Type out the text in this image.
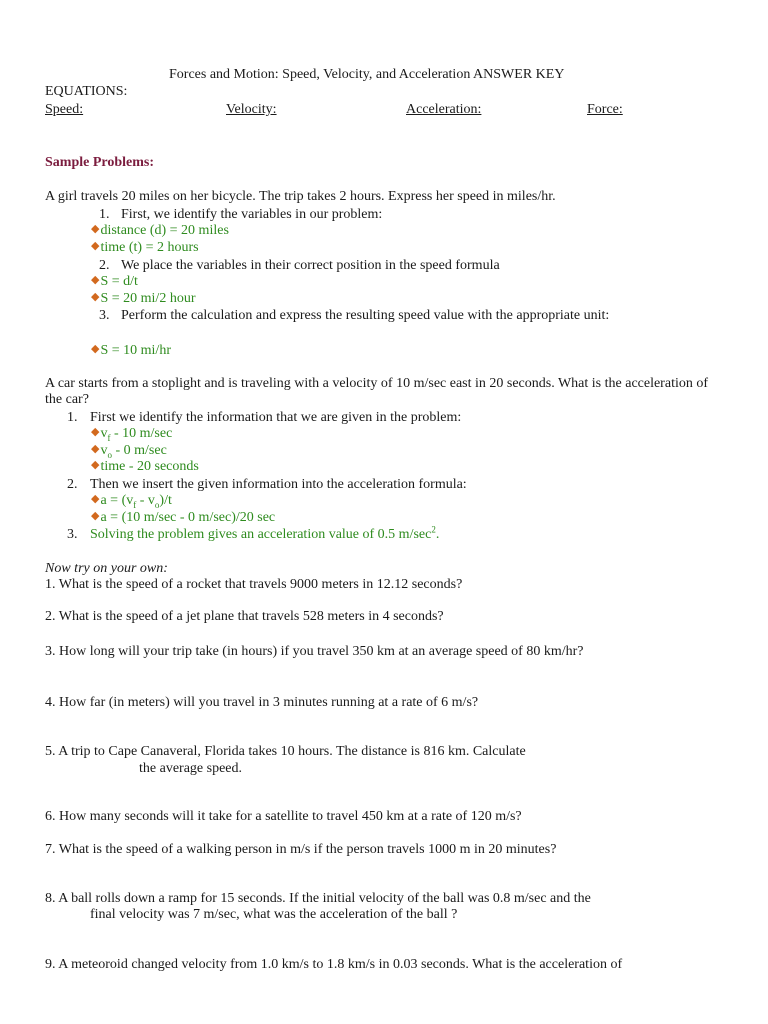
Forces and Motion: Speed, Velocity, and Acceleration ANSWER KEY
EQUATIONS:
Speed:	Velocity:	Acceleration:	Force:
Sample Problems:
A girl travels 20 miles on her bicycle. The trip takes 2 hours. Express her speed in miles/hr.
1. First, we identify the variables in our problem:
◆distance (d) = 20 miles
◆time (t) = 2 hours
2. We place the variables in their correct position in the speed formula
◆S = d/t
◆S = 20 mi/2 hour
3. Perform the calculation and express the resulting speed value with the appropriate unit:
◆S = 10 mi/hr
A car starts from a stoplight and is traveling with a velocity of 10 m/sec east in 20 seconds. What is the acceleration of
the car?
1. First we identify the information that we are given in the problem:
$◆v_f - 10$ m/sec
$◆v_o - 0$ m/sec
◆time - 20 seconds
2. Then we insert the given information into the acceleration formula:
◆a = $(v_f - v_o)/t$
◆a = (10 m/sec - 0 m/sec)/20 sec
3. Solving the problem gives an acceleration value of 0.5 $m/\sec^2$.
Now try on your own:
1. What is the speed of a rocket that travels 9000 meters in 12.12 seconds?
2. What is the speed of a jet plane that travels 528 meters in 4 seconds?
3. How long will your trip take (in hours) if you travel 350 km at an average speed of 80 km/hr?
4. How far (in meters) will you travel in 3 minutes running at a rate of 6 m/s?
5. A trip to Cape Canaveral, Florida takes 10 hours. The distance is 816 km. Calculate
the average speed.
6. How many seconds will it take for a satellite to travel 450 km at a rate of 120 m/s?
7. What is the speed of a walking person in m/s if the person travels 1000 m in 20 minutes?
8. A ball rolls down a ramp for 15 seconds. If the initial velocity of the ball was 0.8 m/sec and the
final velocity was 7 m/sec, what was the acceleration of the ball ?
9. A meteoroid changed velocity from 1.0 km/s to 1.8 km/s in 0.03 seconds. What is the acceleration of
